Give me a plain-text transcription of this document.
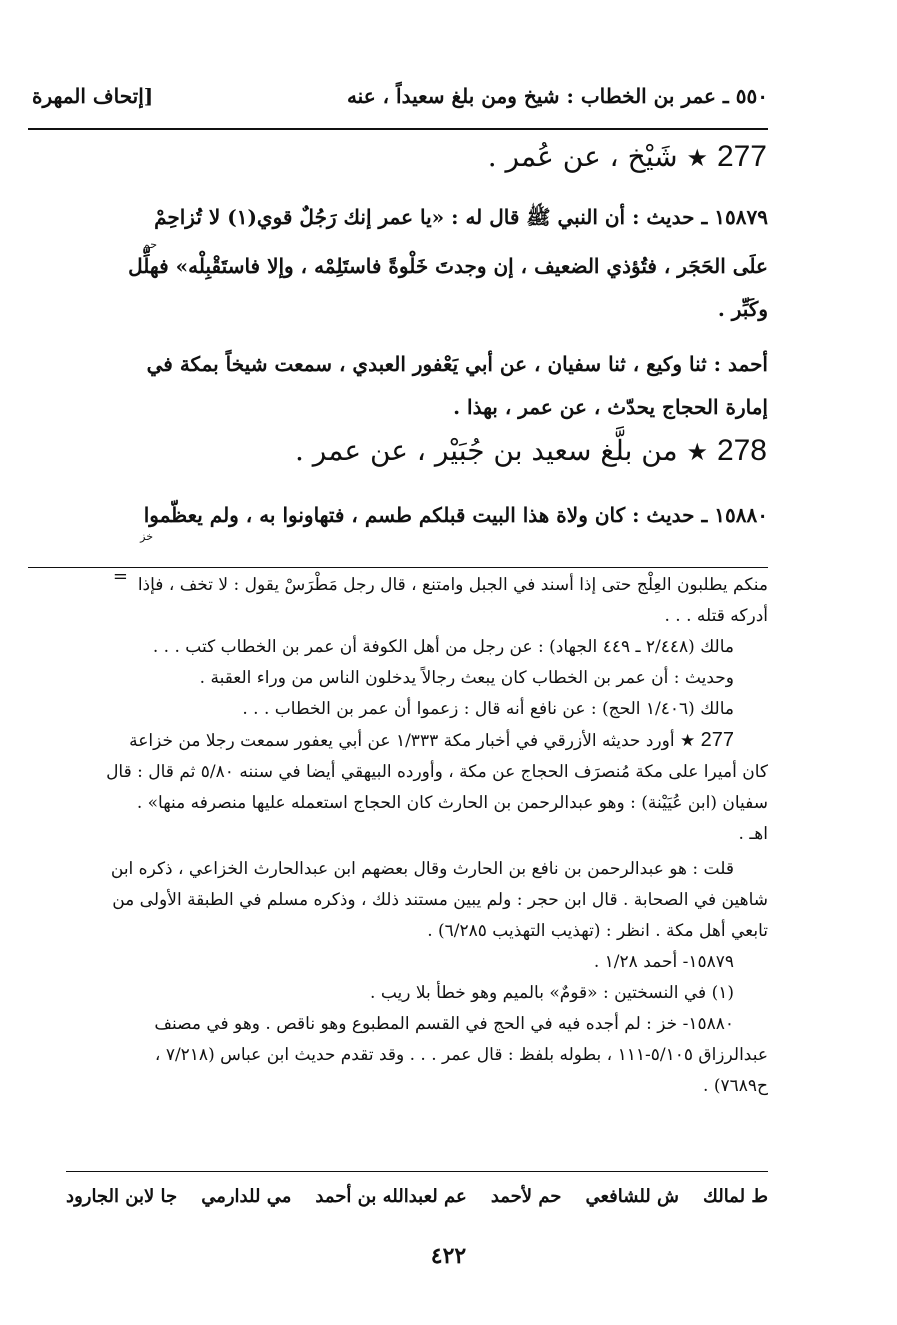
٥٥٠ ـ عمر بن الخطاب : شيخ ومن بلغ سعيداً ، عنه
[إتحاف المهرة
277 ★ شَيْخ ، عن عُمر .
١٥٨٧٩ ـ حديث : أن النبي ﷺ قال له : «يا عمر إنك رَجُلٌ قوي(١) لا تُزاحِمْ
حم
علَى الحَجَر ، فتُؤذي الضعيف ، إن وجدتَ خَلْوةً فاستَلِمْه ، وإلا فاستَقْبِلْه» فهلِّل
وكَبِّر .
أحمد : ثنا وكيع ، ثنا سفيان ، عن أبي يَعْفور العبدي ، سمعت شيخاً بمكة في
إمارة الحجاج يحدّث ، عن عمر ، بهذا .
278 ★ من بلَّغ سعيد بن جُبَيْر ، عن عمر .
١٥٨٨٠ ـ حديث : كان ولاة هذا البيت قبلكم طسم ، فتهاونوا به ، ولم يعظّموا
خز
= منكم يطلبون العِلْج حتى إذا أسند في الجبل وامتنع ، قال رجل مَطْرَسْ يقول : لا تخف ، فإذا
أدركه قتله . . .
مالك (٢/٤٤٨ ـ ٤٤٩ الجهاد) : عن رجل من أهل الكوفة أن عمر بن الخطاب كتب . . .
وحديث : أن عمر بن الخطاب كان يبعث رجالاً يدخلون الناس من وراء العقبة .
مالك (١/٤٠٦ الحج) : عن نافع أنه قال : زعموا أن عمر بن الخطاب . . .
277 ★ أورد حديثه الأزرقي في أخبار مكة ١/٣٣٣ عن أبي يعفور سمعت رجلا من خزاعة
كان أميرا على مكة مُنصرَف الحجاج عن مكة ، وأورده البيهقي أيضا في سننه ٥/٨٠ ثم قال : قال
سفيان (ابن عُيَيْنة) : وهو عبدالرحمن بن الحارث كان الحجاج استعمله عليها منصرفه منها» .
اهـ .
قلت : هو عبدالرحمن بن نافع بن الحارث وقال بعضهم ابن عبدالحارث الخزاعي ، ذكره ابن
شاهين في الصحابة . قال ابن حجر : ولم يبين مستند ذلك ، وذكره مسلم في الطبقة الأولى من
تابعي أهل مكة . انظر : (تهذيب التهذيب ٦/٢٨٥) .
١٥٨٧٩- أحمد ١/٢٨ .
(١) في النسختين : «قومٌ» بالميم وهو خطأ بلا ريب .
١٥٨٨٠- خز : لم أجده فيه في الحج في القسم المطبوع وهو ناقص . وهو في مصنف
عبدالرزاق ٥/١٠٥-١١١ ، بطوله بلفظ : قال عمر . . . وقد تقدم حديث ابن عباس (٧/٢١٨ ،
ح٧٦٨٩) .
ط لمالك
ش للشافعي
حم لأحمد
عم لعبدالله بن أحمد
مي للدارمي
جا لابن الجارود
٤٢٢
